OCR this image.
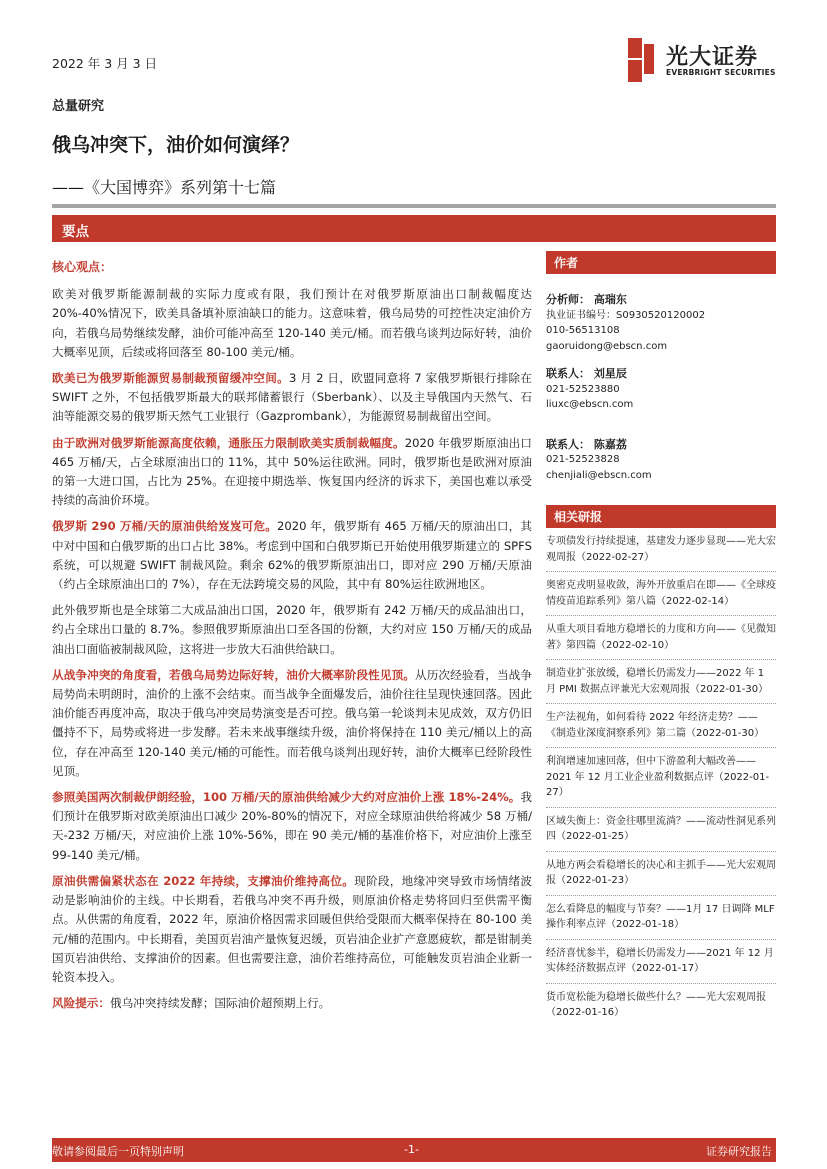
2022 年 3 月 3 日	光大证券
EVERBRIGHT SECURITIES
总量研究
俄乌冲突下，油价如何演绎？
——《大国博弈》系列第十七篇
要点
核心观点：

欧美对俄罗斯能源制裁的实际力度或有限，我们预计在对俄罗斯原油出口制裁幅度达 20%-40%情况下，欧美具备填补原油缺口的能力。这意味着，俄乌局势的可控性决定油价方向，若俄乌局势继续发酵，油价可能冲高至 120-140 美元/桶。而若俄乌谈判边际好转，油价大概率见顶，后续或将回落至 80-100 美元/桶。

欧美已为俄罗斯能源贸易制裁预留缓冲空间。3 月 2 日，欧盟同意将 7 家俄罗斯银行排除在 SWIFT 之外，不包括俄罗斯最大的联邦储蓄银行（Sberbank）、以及主导俄国内天然气、石油等能源交易的俄罗斯天然气工业银行（Gazprombank），为能源贸易制裁留出空间。

由于欧洲对俄罗斯能源高度依赖，通胀压力限制欧美实质制裁幅度。2020 年俄罗斯原油出口 465 万桶/天，占全球原油出口的 11%，其中 50%运往欧洲。同时，俄罗斯也是欧洲对原油的第一大进口国，占比为 25%。在迎接中期选举、恢复国内经济的诉求下，美国也难以承受持续的高油价环境。

俄罗斯 290 万桶/天的原油供给岌岌可危。2020 年，俄罗斯有 465 万桶/天的原油出口，其中对中国和白俄罗斯的出口占比 38%。考虑到中国和白俄罗斯已开始使用俄罗斯建立的 SPFS 系统，可以规避 SWIFT 制裁风险。剩余 62%的俄罗斯原油出口，即对应 290 万桶/天原油（约占全球原油出口的 7%），存在无法跨境交易的风险，其中有 80%运往欧洲地区。

此外俄罗斯也是全球第二大成品油出口国，2020 年，俄罗斯有 242 万桶/天的成品油出口，约占全球出口量的 8.7%。参照俄罗斯原油出口至各国的份额，大约对应 150 万桶/天的成品油出口面临被制裁风险，这将进一步放大石油供给缺口。

从战争冲突的角度看，若俄乌局势边际好转，油价大概率阶段性见顶。从历次经验看，当战争局势尚未明朗时，油价的上涨不会结束。而当战争全面爆发后，油价往往呈现快速回落。因此油价能否再度冲高，取决于俄乌冲突局势演变是否可控。俄乌第一轮谈判未见成效，双方仍旧僵持不下，局势或将进一步发酵。若未来战事继续升级，油价将保持在 110 美元/桶以上的高位，存在冲高至 120-140 美元/桶的可能性。而若俄乌谈判出现好转，油价大概率已经阶段性见顶。

参照美国两次制裁伊朗经验，100 万桶/天的原油供给减少大约对应油价上涨 18%-24%。我们预计在俄罗斯对欧美原油出口减少 20%-80%的情况下，对应全球原油供给将减少 58 万桶/天-232 万桶/天，对应油价上涨 10%-56%，即在 90 美元/桶的基准价格下，对应油价上涨至 99-140 美元/桶。

原油供需偏紧状态在 2022 年持续，支撑油价维持高位。现阶段，地缘冲突导致市场情绪波动是影响油价的主线。中长期看，若俄乌冲突不再升级，则原油价格走势将回归至供需平衡点。从供需的角度看，2022 年，原油价格因需求回暖但供给受限而大概率保持在 80-100 美元/桶的范围内。中长期看，美国页岩油产量恢复迟缓，页岩油企业扩产意愿疲软，都是钳制美国页岩油供给、支撑油价的因素。但也需要注意，油价若维持高位，可能触发页岩油企业新一轮资本投入。

风险提示：俄乌冲突持续发酵；国际油价超预期上行。

作者
分析师： 高瑞东
执业证书编号：S0930520120002
010-56513108
gaoruidong@ebscn.com
联系人： 刘星辰
021-52523880
liuxc@ebscn.com
联系人： 陈嘉荔
021-52523828
chenjiali@ebscn.com
相关研报
专项债发行持续提速，基建发力逐步显现——光大宏观周报（2022-02-27）
奥密克戎明显收敛，海外开放重启在即——《全球疫情疫苗追踪系列》第八篇（2022-02-14）
从重大项目看地方稳增长的力度和方向——《见微知著》第四篇（2022-02-10）
制造业扩张放缓，稳增长仍需发力——2022 年 1 月 PMI 数据点评兼光大宏观周报（2022-01-30）
生产法视角，如何看待 2022 年经济走势？——《制造业深度洞察系列》第二篇（2022-01-30）
利润增速加速回落，但中下游盈利大幅改善——2021 年 12 月工业企业盈利数据点评（2022-01-27）
区域失衡上：资金往哪里流淌？——流动性洞见系列四（2022-01-25）
从地方两会看稳增长的决心和主抓手——光大宏观周报（2022-01-23）
怎么看降息的幅度与节奏？——1月 17 日调降 MLF 操作利率点评（2022-01-18）
经济喜忧参半，稳增长仍需发力——2021 年 12 月实体经济数据点评（2022-01-17）
货币宽松能为稳增长做些什么？——光大宏观周报 （2022-01-16）
敬请参阅最后一页特别声明	-1-	证券研究报告
